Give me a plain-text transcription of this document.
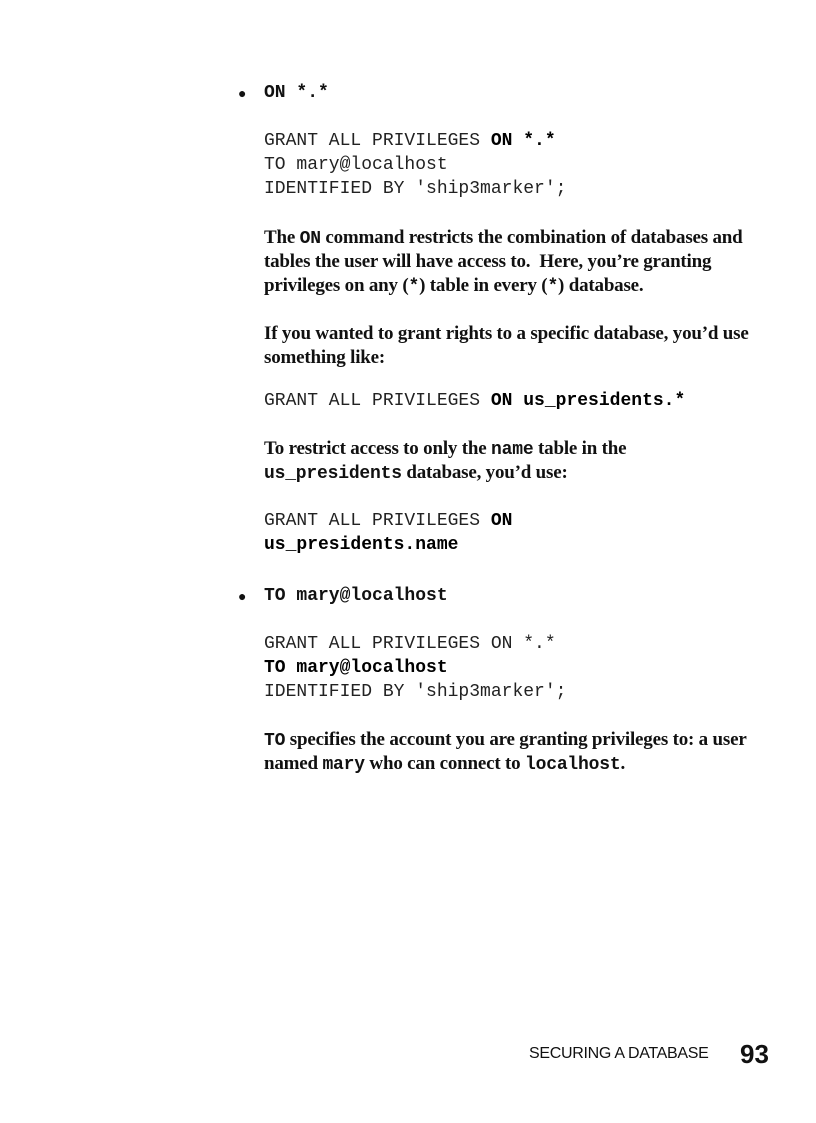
● ON *.*
GRANT ALL PRIVILEGES ON *.*
TO mary@localhost
IDENTIFIED BY 'ship3marker';
The ON command restricts the combination of databases and
tables the user will have access to.  Here, you’re granting
privileges on any (*) table in every (*) database.
If you wanted to grant rights to a specific database, you’d use
something like:
GRANT ALL PRIVILEGES ON us_presidents.*
To restrict access to only the name table in the
us_presidents database, you’d use:
GRANT ALL PRIVILEGES ON
us_presidents.name
● TO mary@localhost
GRANT ALL PRIVILEGES ON *.*
TO mary@localhost
IDENTIFIED BY 'ship3marker';
TO specifies the account you are granting privileges to: a user
named mary who can connect to localhost.
SECURING A DATABASE 93
